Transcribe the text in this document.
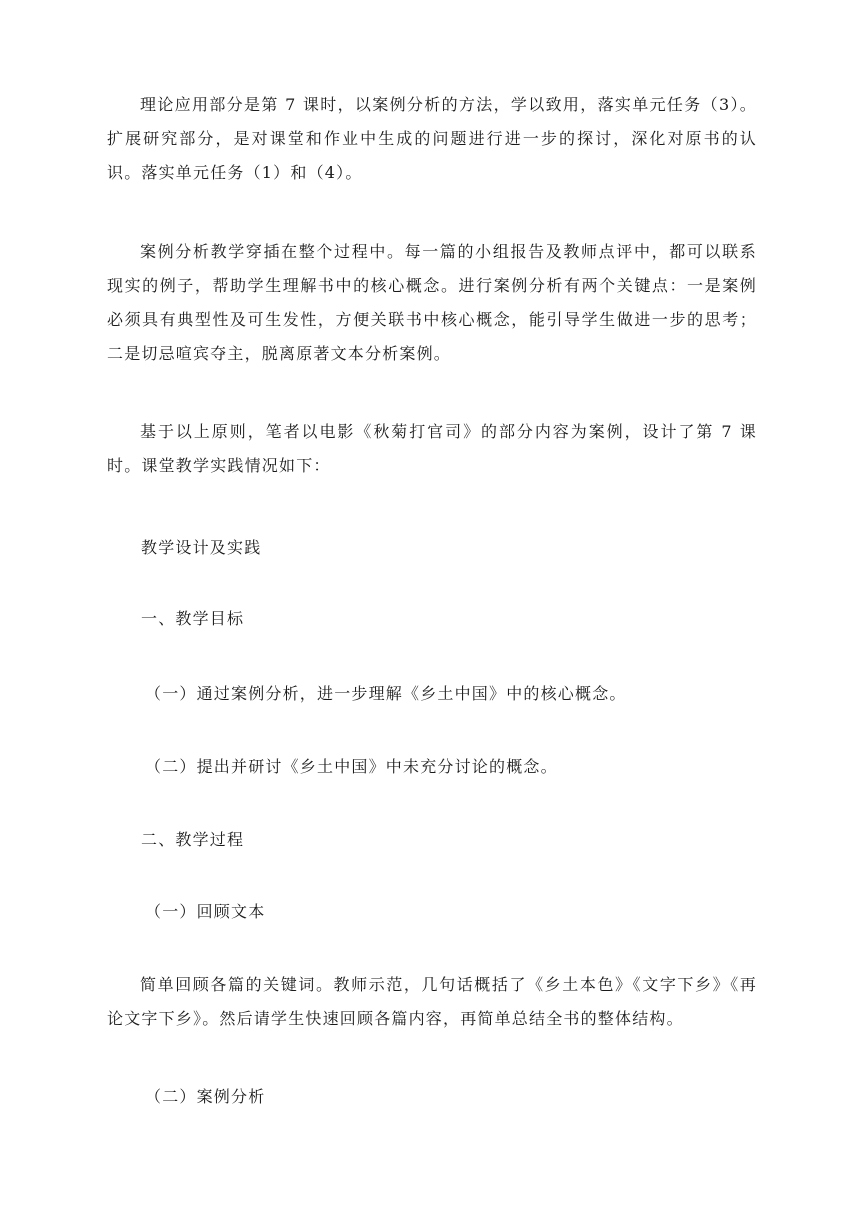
理论应用部分是第 7 课时，以案例分析的方法，学以致用，落实单元任务（3）。扩展研究部分，是对课堂和作业中生成的问题进行进一步的探讨，深化对原书的认识。落实单元任务（1）和（4）。

案例分析教学穿插在整个过程中。每一篇的小组报告及教师点评中，都可以联系现实的例子，帮助学生理解书中的核心概念。进行案例分析有两个关键点：一是案例必须具有典型性及可生发性，方便关联书中核心概念，能引导学生做进一步的思考；二是切忌喧宾夺主，脱离原著文本分析案例。

基于以上原则，笔者以电影《秋菊打官司》的部分内容为案例，设计了第 7 课时。课堂教学实践情况如下：

教学设计及实践
一、教学目标
（一）通过案例分析，进一步理解《乡土中国》中的核心概念。
（二）提出并研讨《乡土中国》中未充分讨论的概念。
二、教学过程
（一）回顾文本

简单回顾各篇的关键词。教师示范，几句话概括了《乡土本色》《文字下乡》《再论文字下乡》。然后请学生快速回顾各篇内容，再简单总结全书的整体结构。

（二）案例分析
